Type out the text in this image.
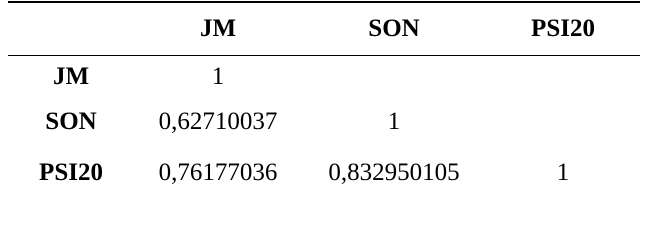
	JM	SON	PSI20
JM	1		
SON	0,62710037	1	
PSI20	0,76177036	0,832950105	1
